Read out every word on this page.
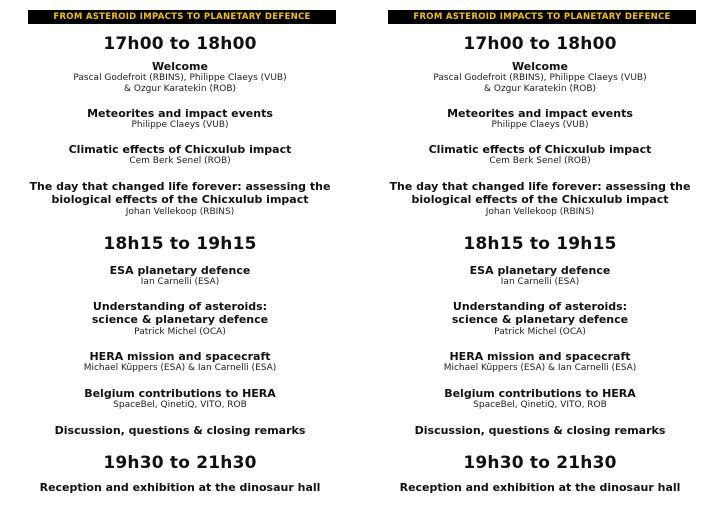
FROM ASTEROID IMPACTS TO PLANETARY DEFENCE
17h00 to 18h00
Welcome
Pascal Godefroit (RBINS), Philippe Claeys (VUB)
& Ozgur Karatekin (ROB)
Meteorites and impact events
Philippe Claeys (VUB)
Climatic effects of Chicxulub impact
Cem Berk Senel (ROB)
The day that changed life forever: assessing the
biological effects of the Chicxulub impact
Johan Vellekoop (RBINS)
18h15 to 19h15
ESA planetary defence
Ian Carnelli (ESA)
Understanding of asteroids:
science & planetary defence
Patrick Michel (OCA)
HERA mission and spacecraft
Michael Küppers (ESA) & Ian Carnelli (ESA)
Belgium contributions to HERA
SpaceBel, QinetiQ, VITO, ROB
Discussion, questions & closing remarks
19h30 to 21h30
Reception and exhibition at the dinosaur hall
FROM ASTEROID IMPACTS TO PLANETARY DEFENCE
17h00 to 18h00
Welcome
Pascal Godefroit (RBINS), Philippe Claeys (VUB)
& Ozgur Karatekin (ROB)
Meteorites and impact events
Philippe Claeys (VUB)
Climatic effects of Chicxulub impact
Cem Berk Senel (ROB)
The day that changed life forever: assessing the
biological effects of the Chicxulub impact
Johan Vellekoop (RBINS)
18h15 to 19h15
ESA planetary defence
Ian Carnelli (ESA)
Understanding of asteroids:
science & planetary defence
Patrick Michel (OCA)
HERA mission and spacecraft
Michael Küppers (ESA) & Ian Carnelli (ESA)
Belgium contributions to HERA
SpaceBel, QinetiQ, VITO, ROB
Discussion, questions & closing remarks
19h30 to 21h30
Reception and exhibition at the dinosaur hall
